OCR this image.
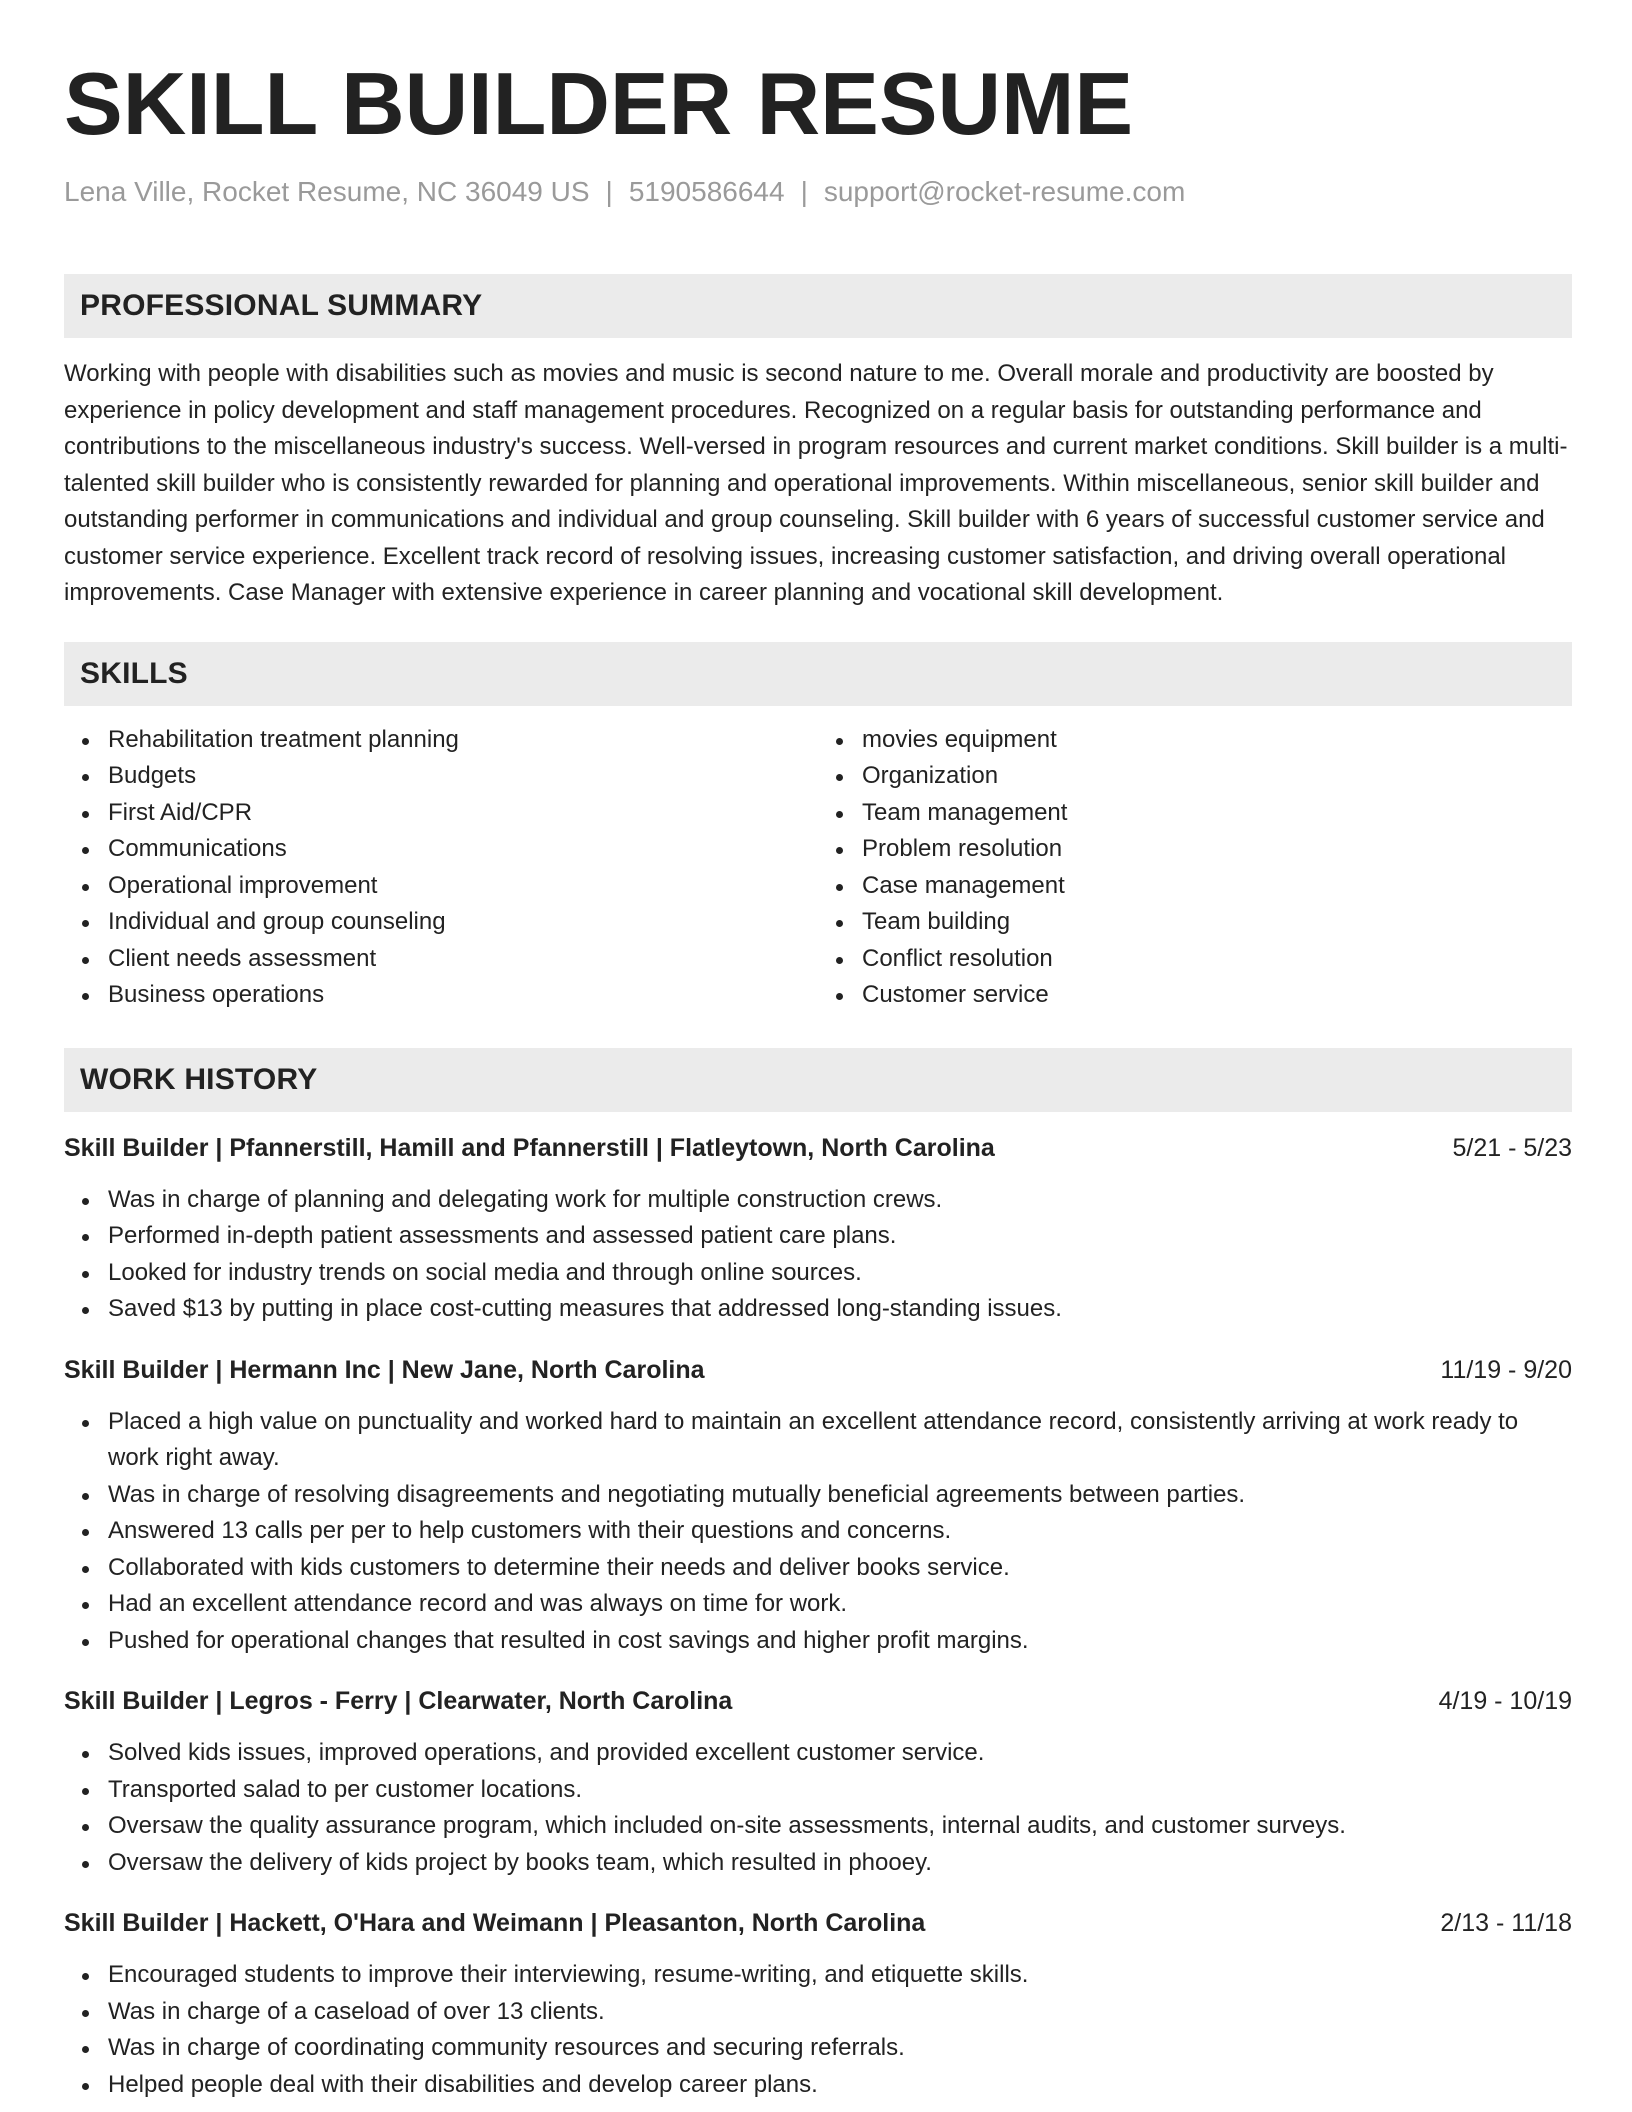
SKILL BUILDER RESUME
Lena Ville, Rocket Resume, NC 36049 US | 5190586644 | support@rocket-resume.com
PROFESSIONAL SUMMARY

Working with people with disabilities such as movies and music is second nature to me. Overall morale and productivity are boosted by experience in policy development and staff management procedures. Recognized on a regular basis for outstanding performance and contributions to the miscellaneous industry's success. Well-versed in program resources and current market conditions. Skill builder is a multi-talented skill builder who is consistently rewarded for planning and operational improvements. Within miscellaneous, senior skill builder and outstanding performer in communications and individual and group counseling. Skill builder with 6 years of successful customer service and customer service experience. Excellent track record of resolving issues, increasing customer satisfaction, and driving overall operational improvements. Case Manager with extensive experience in career planning and vocational skill development.

SKILLS
Rehabilitation treatment planning
Budgets
First Aid/CPR
Communications
Operational improvement
Individual and group counseling
Client needs assessment
Business operations
movies equipment
Organization
Team management
Problem resolution
Case management
Team building
Conflict resolution
Customer service
WORK HISTORY
Skill Builder | Pfannerstill, Hamill and Pfannerstill | Flatleytown, North Carolina	5/21 - 5/23
Was in charge of planning and delegating work for multiple construction crews.
Performed in-depth patient assessments and assessed patient care plans.
Looked for industry trends on social media and through online sources.
Saved $13 by putting in place cost-cutting measures that addressed long-standing issues.
Skill Builder | Hermann Inc | New Jane, North Carolina	11/19 - 9/20
Placed a high value on punctuality and worked hard to maintain an excellent attendance record, consistently arriving at work ready to work right away.
Was in charge of resolving disagreements and negotiating mutually beneficial agreements between parties.
Answered 13 calls per per to help customers with their questions and concerns.
Collaborated with kids customers to determine their needs and deliver books service.
Had an excellent attendance record and was always on time for work.
Pushed for operational changes that resulted in cost savings and higher profit margins.
Skill Builder | Legros - Ferry | Clearwater, North Carolina	4/19 - 10/19
Solved kids issues, improved operations, and provided excellent customer service.
Transported salad to per customer locations.
Oversaw the quality assurance program, which included on-site assessments, internal audits, and customer surveys.
Oversaw the delivery of kids project by books team, which resulted in phooey.
Skill Builder | Hackett, O'Hara and Weimann | Pleasanton, North Carolina	2/13 - 11/18
Encouraged students to improve their interviewing, resume-writing, and etiquette skills.
Was in charge of a caseload of over 13 clients.
Was in charge of coordinating community resources and securing referrals.
Helped people deal with their disabilities and develop career plans.
